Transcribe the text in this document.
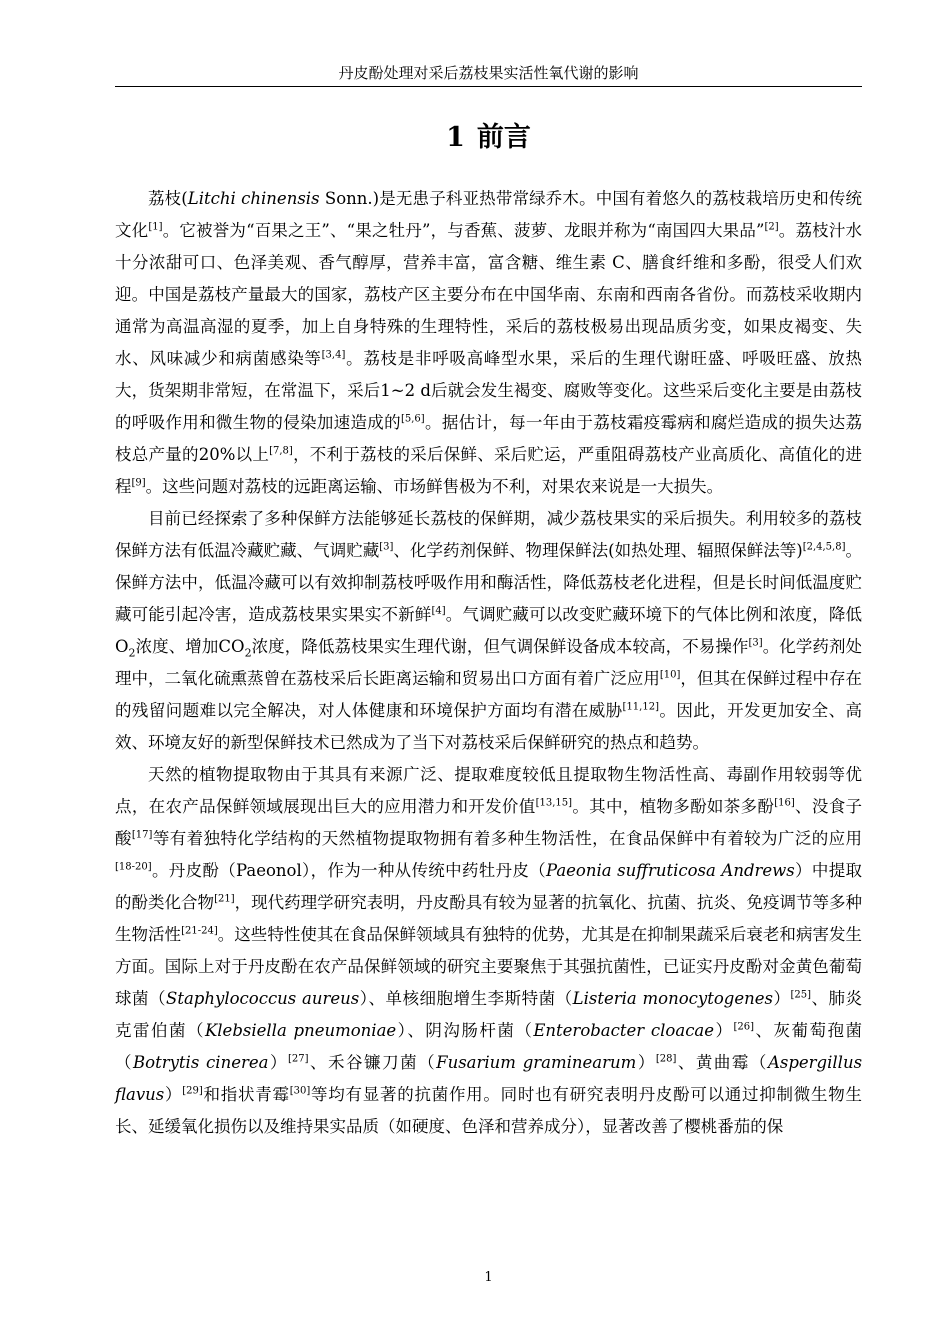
丹皮酚处理对采后荔枝果实活性氧代谢的影响
1 前言

荔枝(Litchi chinensis Sonn.)是无患子科亚热带常绿乔木。中国有着悠久的荔枝栽培历史和传统文化[1]。它被誉为“百果之王”、“果之牡丹”，与香蕉、菠萝、龙眼并称为“南国四大果品”[2]。荔枝汁水十分浓甜可口、色泽美观、香气醇厚，营养丰富，富含糖、维生素 C、膳食纤维和多酚，很受人们欢迎。中国是荔枝产量最大的国家，荔枝产区主要分布在中国华南、东南和西南各省份。而荔枝采收期内通常为高温高湿的夏季，加上自身特殊的生理特性，采后的荔枝极易出现品质劣变，如果皮褐变、失水、风味减少和病菌感染等[3,4]。荔枝是非呼吸高峰型水果，采后的生理代谢旺盛、呼吸旺盛、放热大，货架期非常短，在常温下，采后1~2 d后就会发生褐变、腐败等变化。这些采后变化主要是由荔枝的呼吸作用和微生物的侵染加速造成的[5,6]。据估计，每一年由于荔枝霜疫霉病和腐烂造成的损失达荔枝总产量的20%以上[7,8]，不利于荔枝的采后保鲜、采后贮运，严重阻碍荔枝产业高质化、高值化的进程[9]。这些问题对荔枝的远距离运输、市场鲜售极为不利，对果农来说是一大损失。

目前已经探索了多种保鲜方法能够延长荔枝的保鲜期，减少荔枝果实的采后损失。利用较多的荔枝保鲜方法有低温冷藏贮藏、气调贮藏[3]、化学药剂保鲜、物理保鲜法(如热处理、辐照保鲜法等)[2,4,5,8]。保鲜方法中，低温冷藏可以有效抑制荔枝呼吸作用和酶活性，降低荔枝老化进程，但是长时间低温度贮藏可能引起冷害，造成荔枝果实果实不新鲜[4]。气调贮藏可以改变贮藏环境下的气体比例和浓度，降低$O_2$浓度、增加$CO_2$浓度，降低荔枝果实生理代谢，但气调保鲜设备成本较高，不易操作[3]。化学药剂处理中，二氧化硫熏蒸曾在荔枝采后长距离运输和贸易出口方面有着广泛应用[10]，但其在保鲜过程中存在的残留问题难以完全解决，对人体健康和环境保护方面均有潜在威胁[11,12]。因此，开发更加安全、高效、环境友好的新型保鲜技术已然成为了当下对荔枝采后保鲜研究的热点和趋势。

天然的植物提取物由于其具有来源广泛、提取难度较低且提取物生物活性高、毒副作用较弱等优点，在农产品保鲜领域展现出巨大的应用潜力和开发价值[13,15]。其中，植物多酚如茶多酚[16]、没食子酸[17]等有着独特化学结构的天然植物提取物拥有着多种生物活性，在食品保鲜中有着较为广泛的应用[18-20]。丹皮酚（Paeonol），作为一种从传统中药牡丹皮（Paeonia suffruticosa Andrews）中提取的酚类化合物[21]，现代药理学研究表明，丹皮酚具有较为显著的抗氧化、抗菌、抗炎、免疫调节等多种生物活性[21-24]。这些特性使其在食品保鲜领域具有独特的优势，尤其是在抑制果蔬采后衰老和病害发生方面。国际上对于丹皮酚在农产品保鲜领域的研究主要聚焦于其强抗菌性，已证实丹皮酚对金黄色葡萄球菌（Staphylococcus aureus）、单核细胞增生李斯特菌（Listeria monocytogenes）[25]、肺炎克雷伯菌（Klebsiella pneumoniae）、阴沟肠杆菌（Enterobacter cloacae）[26]、灰葡萄孢菌（Botrytis cinerea）[27]、禾谷镰刀菌（Fusarium graminearum）[28]、黄曲霉（Aspergillus flavus）[29]和指状青霉[30]等均有显著的抗菌作用。同时也有研究表明丹皮酚可以通过抑制微生物生长、延缓氧化损伤以及维持果实品质（如硬度、色泽和营养成分），显著改善了樱桃番茄的保

1
